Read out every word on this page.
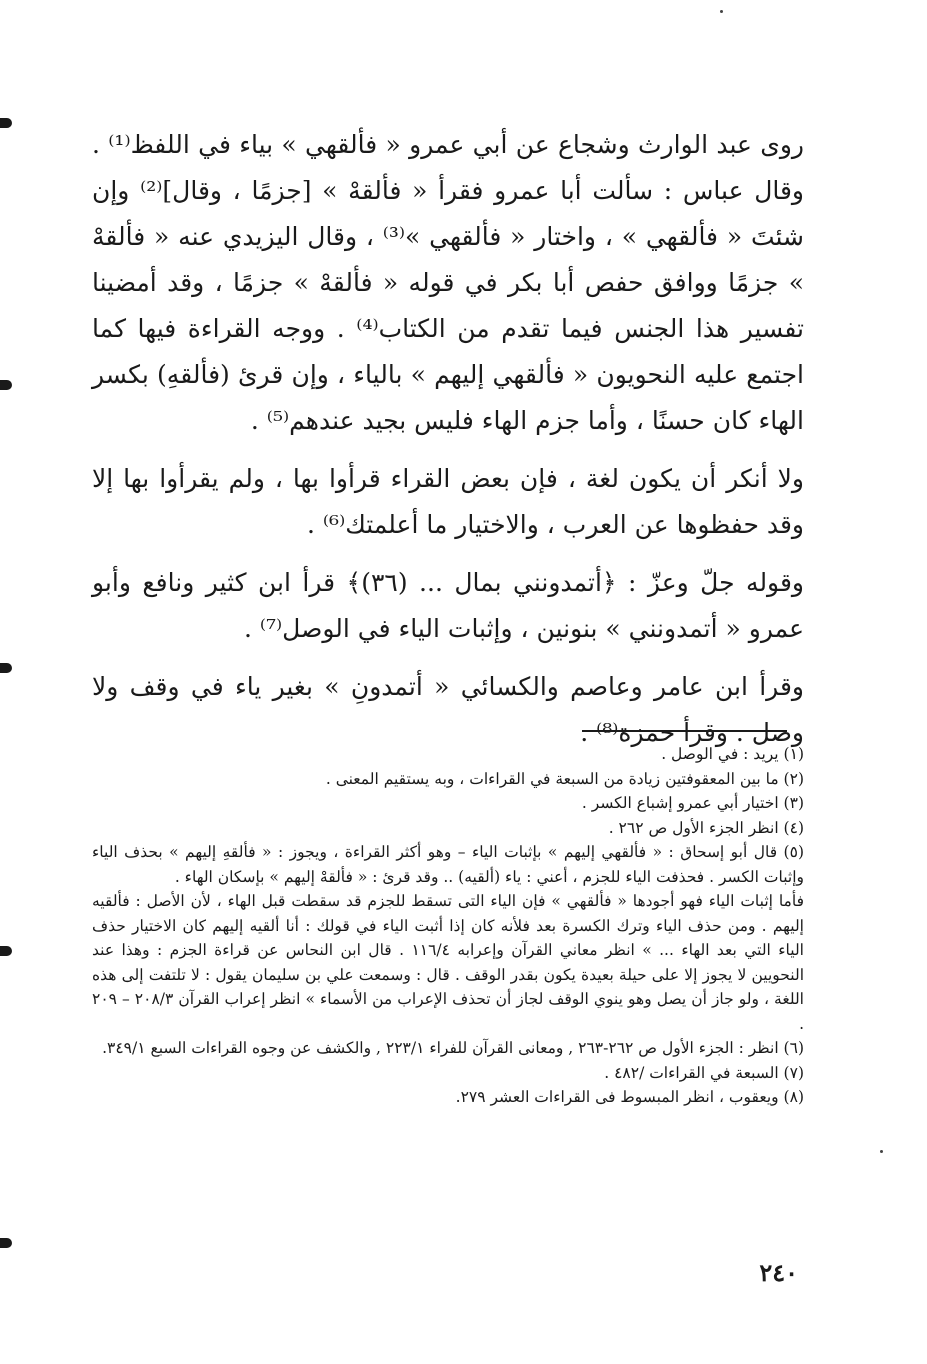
روى عبد الوارث وشجاع عن أبي عمرو « فألقهي » بياء في اللفظ⁽¹⁾ . وقال عباس : سألت أبا عمرو فقرأ « فألقهْ » [جزمًا ، وقال]⁽²⁾ وإن شئتَ « فألقهي » ، واختار « فألقهي »⁽³⁾ ، وقال اليزيدي عنه « فألقهْ » جزمًا ووافق حفص أبا بكر في قوله « فألقهْ » جزمًا ، وقد أمضينا تفسير هذا الجنس فيما تقدم من الكتاب⁽⁴⁾ . ووجه القراءة فيها كما اجتمع عليه النحويون « فألقهي إليهم » بالياء ، وإن قرئ (فألقهِ) بكسر الهاء كان حسنًا ، وأما جزم الهاء فليس بجيد عندهم⁽⁵⁾ .

ولا أنكر أن يكون لغة ، فإن بعض القراء قرأوا بها ، ولم يقرأوا بها إلا وقد حفظوها عن العرب ، والاختيار ما أعلمتك⁽⁶⁾ .

وقوله جلّ وعزّ : ﴿أتمدونني بمال ... (٣٦)﴾ قرأ ابن كثير ونافع وأبو عمرو « أتمدونني » بنونين ، وإثبات الياء في الوصل⁽⁷⁾ .

وقرأ ابن عامر وعاصم والكسائي « أتمدونِ » بغير ياء في وقف ولا وصل . وقرأ حمزة⁽⁸⁾ .

(١) يريد : في الوصل .

(٢) ما بين المعقوفتين زيادة من السبعة في القراءات ، وبه يستقيم المعنى .

(٣) اختيار أبي عمرو إشباع الكسر .

(٤) انظر الجزء الأول ص ٢٦٢ .

(٥) قال أبو إسحاق : « فألقهي إليهم » بإثبات الياء – وهو أكثر القراءة ، ويجوز : « فألقهِ إليهم » بحذف الياء وإثبات الكسر . فحذفت الياء للجزم ، أعني : ياء (ألقيه) .. وقد قرئ : « فألقهْ إليهم » بإسكان الهاء .

فأما إثبات الياء فهو أجودها « فألقهي » فإن الياء التى تسقط للجزم قد سقطت قبل الهاء ، لأن الأصل : فألقيه إليهم . ومن حذف الياء وترك الكسرة بعد فلأنه كان إذا أثبت الياء في قولك : أنا ألقيه إليهم كان الاختيار حذف الياء التي بعد الهاء ... » انظر معاني القرآن وإعرابه ١١٦/٤ . قال ابن النحاس عن قراءة الجزم : وهذا عند النحويين لا يجوز إلا على حيلة بعيدة يكون بقدر الوقف . قال : وسمعت علي بن سليمان يقول : لا تلتفت إلى هذه اللغة ، ولو جاز أن يصل وهو ينوي الوقف لجاز أن تحذف الإعراب من الأسماء » انظر إعراب القرآن ٢٠٨/٣ – ٢٠٩ .

(٦) انظر : الجزء الأول ص ٢٦٢-٢٦٣ , ومعانى القرآن للفراء ٢٢٣/١ , والكشف عن وجوه القراءات السبع ٣٤٩/١.

(٧) السبعة في القراءات /٤٨٢ .

(٨) ويعقوب ، انظر المبسوط فى القراءات العشر ٢٧٩.

٢٤٠
